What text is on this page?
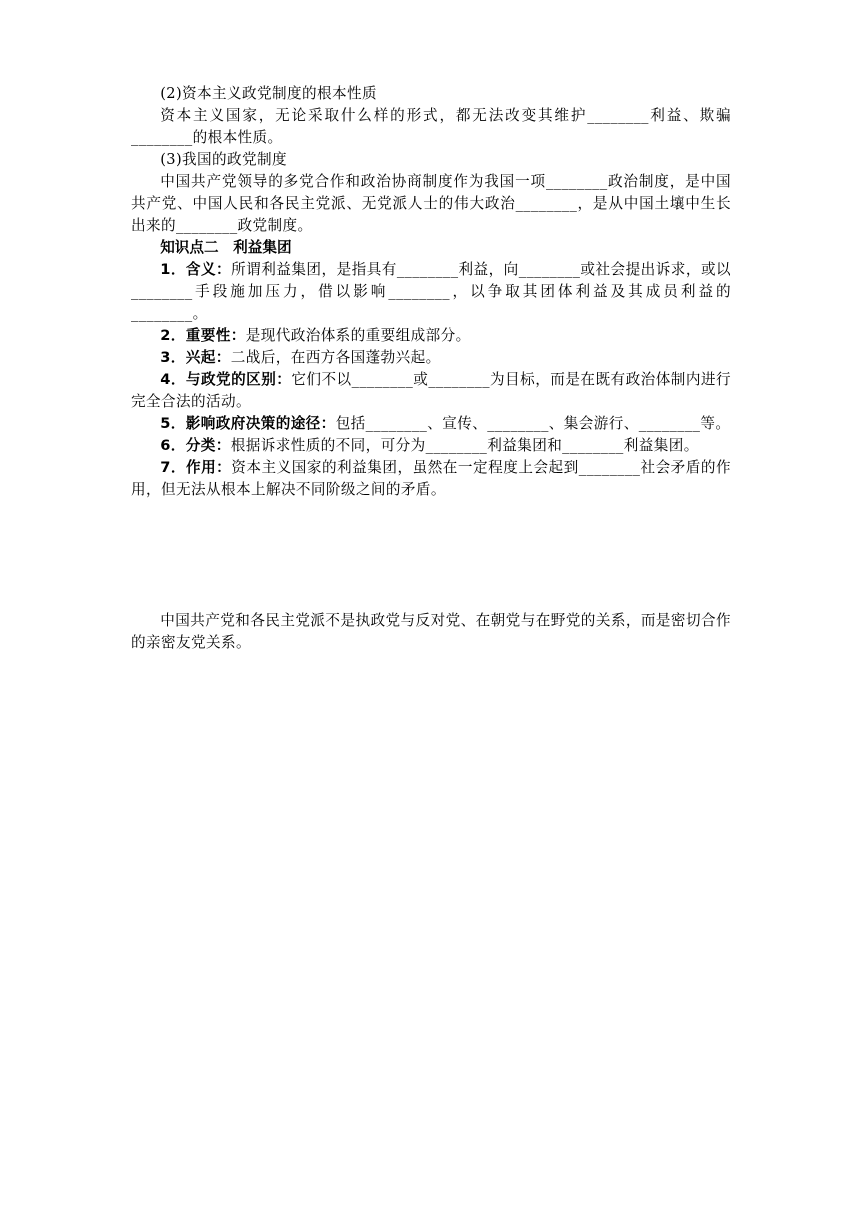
(2)资本主义政党制度的根本性质

资本主义国家，无论采取什么样的形式，都无法改变其维护________利益、欺骗________的根本性质。

(3)我国的政党制度

中国共产党领导的多党合作和政治协商制度作为我国一项________政治制度，是中国共产党、中国人民和各民主党派、无党派人士的伟大政治________，是从中国土壤中生长出来的________政党制度。

知识点二　利益集团

1．含义：所谓利益集团，是指具有________利益，向________或社会提出诉求，或以________手段施加压力，借以影响________，以争取其团体利益及其成员利益的________。

2．重要性：是现代政治体系的重要组成部分。

3．兴起：二战后，在西方各国蓬勃兴起。

4．与政党的区别：它们不以________或________为目标，而是在既有政治体制内进行完全合法的活动。

5．影响政府决策的途径：包括________、宣传、________、集会游行、________等。

6．分类：根据诉求性质的不同，可分为________利益集团和________利益集团。

7．作用：资本主义国家的利益集团，虽然在一定程度上会起到________社会矛盾的作用，但无法从根本上解决不同阶级之间的矛盾。

中国共产党和各民主党派不是执政党与反对党、在朝党与在野党的关系，而是密切合作的亲密友党关系。
